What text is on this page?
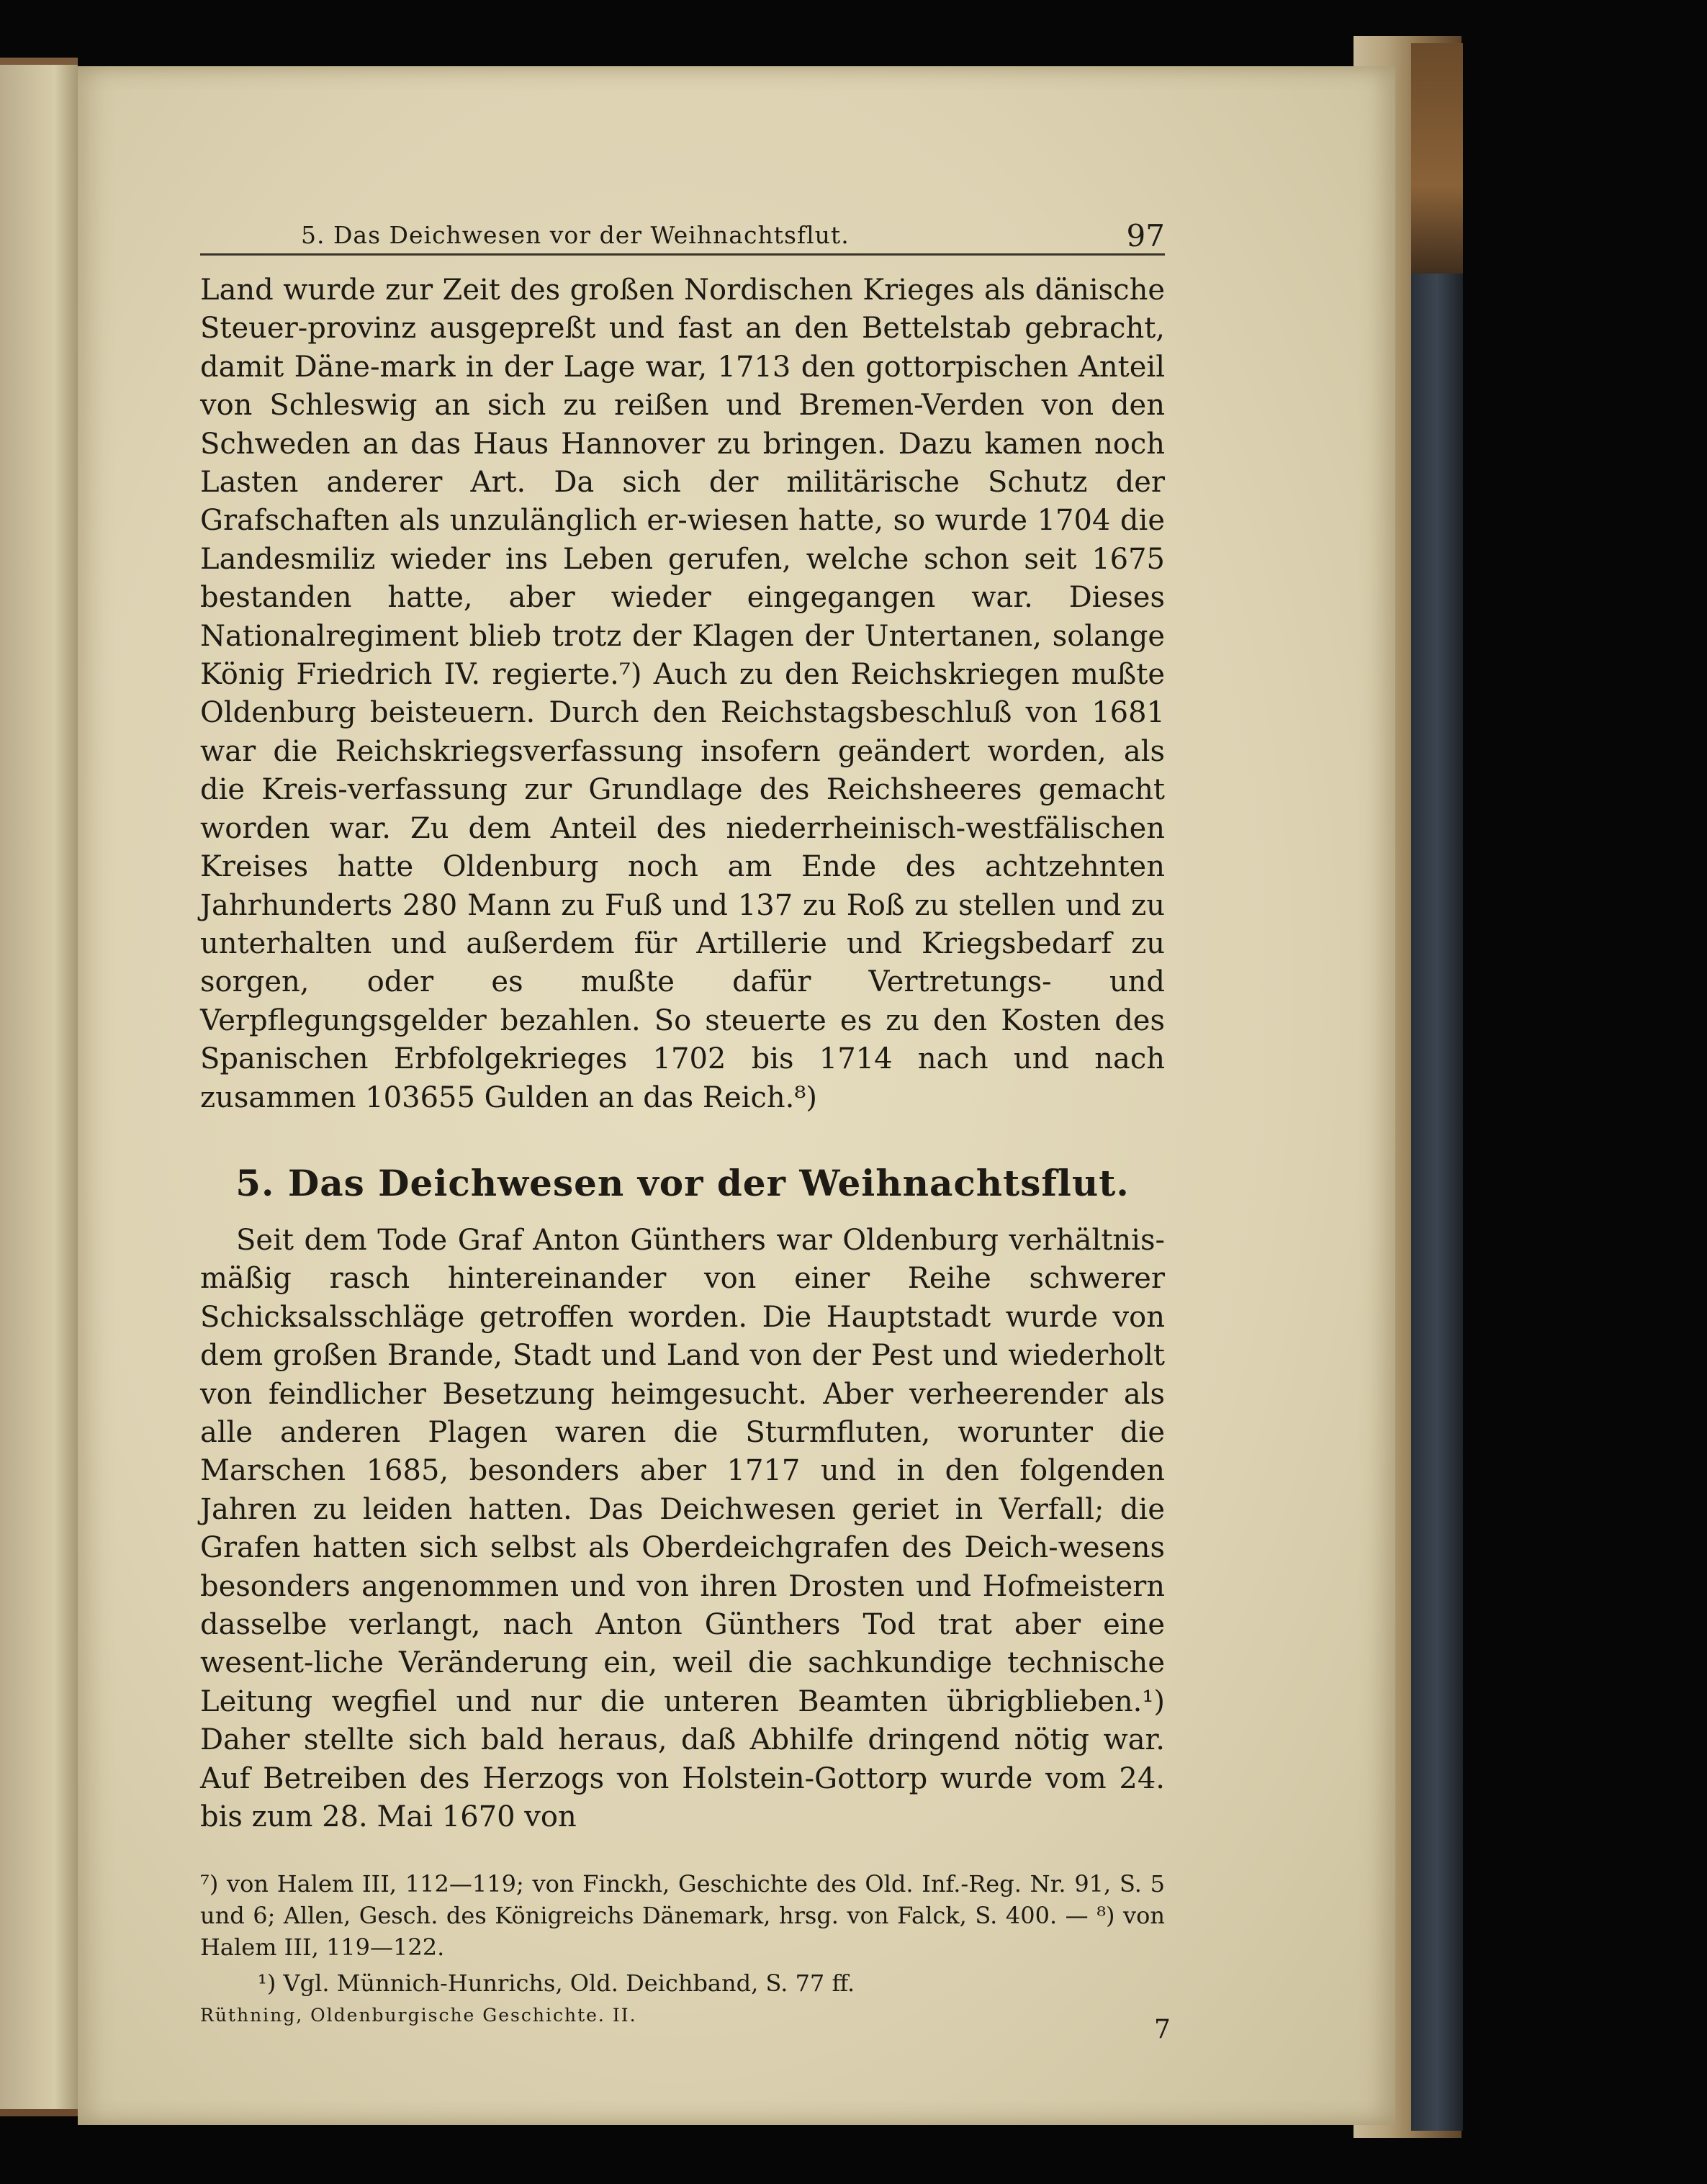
5. Das Deichwesen vor der Weihnachtsflut.	97

Land wurde zur Zeit des großen Nordischen Krieges als dänische Steuer-provinz ausgepreßt und fast an den Bettelstab gebracht, damit Däne-mark in der Lage war, 1713 den gottorpischen Anteil von Schleswig an sich zu reißen und Bremen-Verden von den Schweden an das Haus Hannover zu bringen. Dazu kamen noch Lasten anderer Art. Da sich der militärische Schutz der Grafschaften als unzulänglich er-wiesen hatte, so wurde 1704 die Landesmiliz wieder ins Leben gerufen, welche schon seit 1675 bestanden hatte, aber wieder eingegangen war. Dieses Nationalregiment blieb trotz der Klagen der Untertanen, solange König Friedrich IV. regierte.⁷) Auch zu den Reichskriegen mußte Oldenburg beisteuern. Durch den Reichstagsbeschluß von 1681 war die Reichskriegsverfassung insofern geändert worden, als die Kreis-verfassung zur Grundlage des Reichsheeres gemacht worden war. Zu dem Anteil des niederrheinisch-westfälischen Kreises hatte Oldenburg noch am Ende des achtzehnten Jahrhunderts 280 Mann zu Fuß und 137 zu Roß zu stellen und zu unterhalten und außerdem für Artillerie und Kriegsbedarf zu sorgen, oder es mußte dafür Vertretungs- und Verpflegungsgelder bezahlen. So steuerte es zu den Kosten des Spanischen Erbfolgekrieges 1702 bis 1714 nach und nach zusammen 103655 Gulden an das Reich.⁸)

5. Das Deichwesen vor der Weihnachtsflut.

Seit dem Tode Graf Anton Günthers war Oldenburg verhältnis-mäßig rasch hintereinander von einer Reihe schwerer Schicksalsschläge getroffen worden. Die Hauptstadt wurde von dem großen Brande, Stadt und Land von der Pest und wiederholt von feindlicher Besetzung heimgesucht. Aber verheerender als alle anderen Plagen waren die Sturmfluten, worunter die Marschen 1685, besonders aber 1717 und in den folgenden Jahren zu leiden hatten. Das Deichwesen geriet in Verfall; die Grafen hatten sich selbst als Oberdeichgrafen des Deich-wesens besonders angenommen und von ihren Drosten und Hofmeistern dasselbe verlangt, nach Anton Günthers Tod trat aber eine wesent-liche Veränderung ein, weil die sachkundige technische Leitung wegfiel und nur die unteren Beamten übrigblieben.¹) Daher stellte sich bald heraus, daß Abhilfe dringend nötig war. Auf Betreiben des Herzogs von Holstein-Gottorp wurde vom 24. bis zum 28. Mai 1670 von

⁷) von Halem III, 112—119; von Finckh, Geschichte des Old. Inf.-Reg. Nr. 91, S. 5 und 6; Allen, Gesch. des Königreichs Dänemark, hrsg. von Falck, S. 400. — ⁸) von Halem III, 119—122.

¹) Vgl. Münnich-Hunrichs, Old. Deichband, S. 77 ff.

Rüthning, Oldenburgische Geschichte. II.	7
